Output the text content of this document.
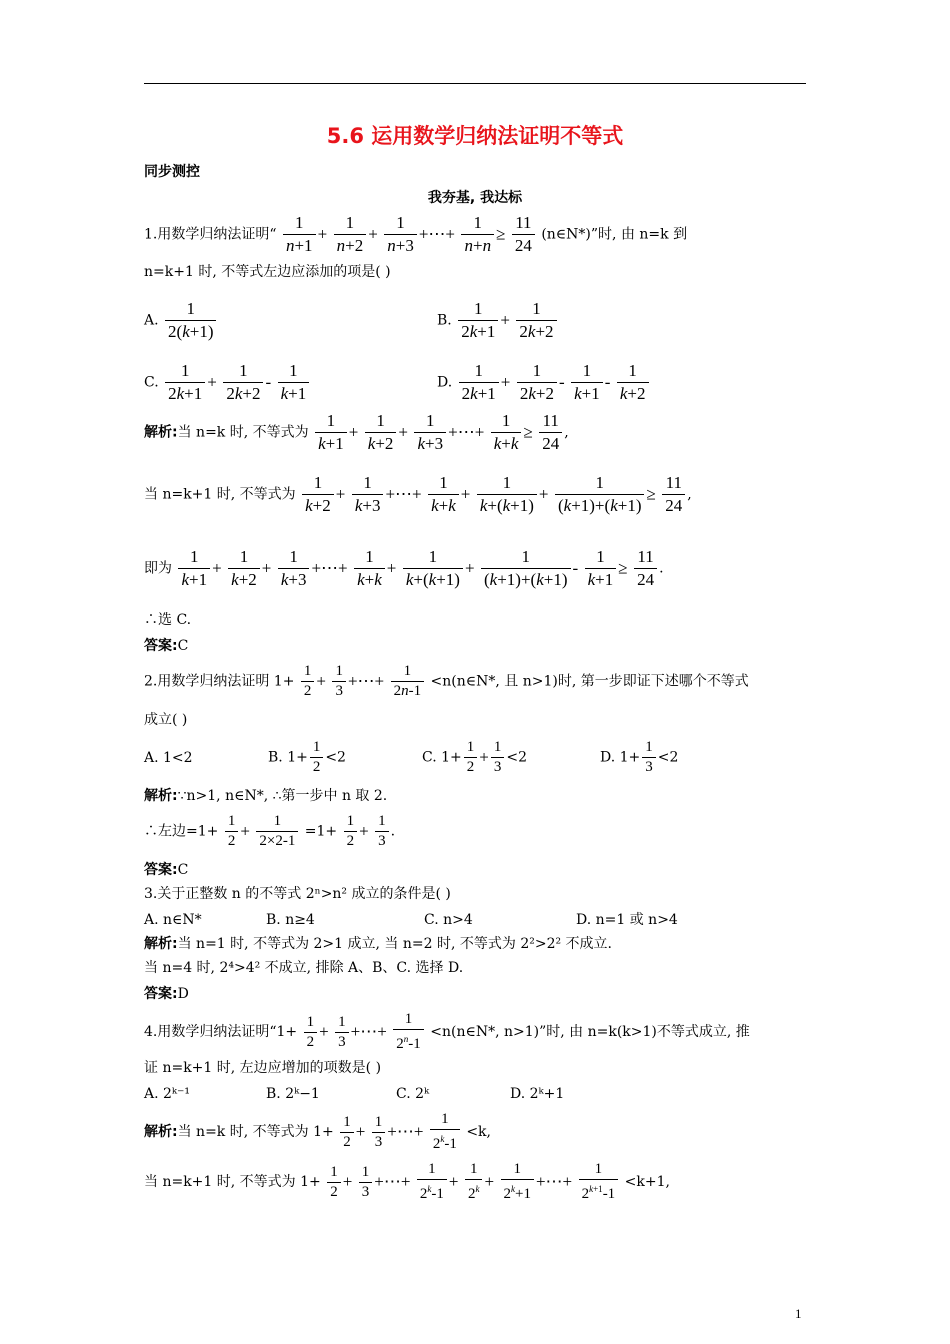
5.6 运用数学归纳法证明不等式
同步测控
我夯基, 我达标
1.用数学归纳法证明“ $\frac{1}{n+1} + \frac{1}{n+2} + \frac{1}{n+3}$ +⋯+ $\frac{1}{n+n} \ge \frac{11}{24}$ (n∈N*)”时, 由 n=k 到
n=k+1 时, 不等式左边应添加的项是( )
A. $\frac{1}{2(k+1)}$	B. $\frac{1}{2k+1} + \frac{1}{2k+2}$
C. $\frac{1}{2k+1} + \frac{1}{2k+2} - \frac{1}{k+1}$	D. $\frac{1}{2k+1} + \frac{1}{2k+2} - \frac{1}{k+1} - \frac{1}{k+2}$
解析:当 n=k 时, 不等式为 $\frac{1}{k+1} + \frac{1}{k+2} + \frac{1}{k+3}$ +⋯+ $\frac{1}{k+k} \ge \frac{11}{24}$ ,
当 n=k+1 时, 不等式为 $\frac{1}{k+2} + \frac{1}{k+3}$ +⋯+ $\frac{1}{k+k} + \frac{1}{k+(k+1)} + \frac{1}{(k+1)+(k+1)} \ge \frac{11}{24}$ ,
即为 $\frac{1}{k+1} + \frac{1}{k+2} + \frac{1}{k+3}$ +⋯+ $\frac{1}{k+k} + \frac{1}{k+(k+1)} + \frac{1}{(k+1)+(k+1)} - \frac{1}{k+1} \ge \frac{11}{24}$ .
∴选 C.
答案:C
2.用数学归纳法证明 $1+ \frac{1}{2} + \frac{1}{3}$ +⋯+ $\frac{1}{2n-1}$ <n(n∈N*, 且 n>1)时, 第一步即证下述哪个不等式
成立( )
A. 1<2	B. $1+ \frac{1}{2} <2$	C. $1+ \frac{1}{2} + \frac{1}{3} <2$	D. $1+ \frac{1}{3} <2$
解析:∵n>1, n∈N*, ∴第一步中 n 取 2.
∴左边$=1+ \frac{1}{2} + \frac{1}{2\times 2-1} =1+ \frac{1}{2} + \frac{1}{3}$ .
答案:C
3.关于正整数 n 的不等式 2ⁿ>n² 成立的条件是( )
A. n∈N*	B. n≥4	C. n>4	D. n=1 或 n>4
解析:当 n=1 时, 不等式为 2>1 成立, 当 n=2 时, 不等式为 2²>2² 不成立.
当 n=4 时, 2⁴>4² 不成立, 排除 A、B、C. 选择 D.
答案:D
4.用数学归纳法证明“$1+ \frac{1}{2} + \frac{1}{3}$ +⋯+ $\frac{1}{2^n-1}$ <n(n∈N*, n>1)”时, 由 n=k(k>1)不等式成立, 推
证 n=k+1 时, 左边应增加的项数是( )
A. 2ᵏ⁻¹	B. 2ᵏ−1	C. 2ᵏ	D. 2ᵏ+1
解析:当 n=k 时, 不等式为 $1+ \frac{1}{2} + \frac{1}{3}$ +⋯+ $\frac{1}{2^k-1} <k$,
当 n=k+1 时, 不等式为 $1+ \frac{1}{2} + \frac{1}{3}$ +⋯+ $\frac{1}{2^k-1} + \frac{1}{2^k} + \frac{1}{2^k+1}$ +⋯+ $\frac{1}{2^{k+1}-1} <k+1$,
1
